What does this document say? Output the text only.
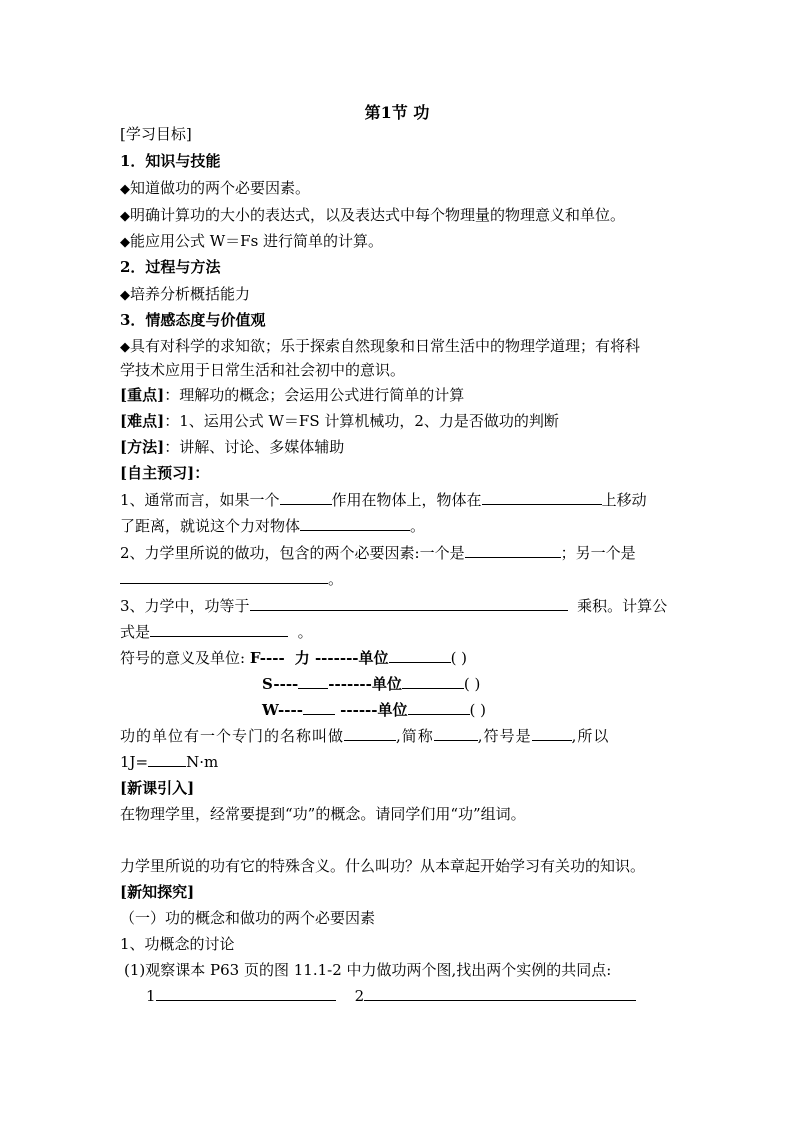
第1节 功
[学习目标]
1．知识与技能
◆知道做功的两个必要因素。
◆明确计算功的大小的表达式，以及表达式中每个物理量的物理意义和单位。
◆能应用公式 W＝Fs 进行简单的计算。
2．过程与方法
◆培养分析概括能力
3．情感态度与价值观
◆具有对科学的求知欲；乐于探索自然现象和日常生活中的物理学道理；有将科
学技术应用于日常生活和社会初中的意识。
[重点]：理解功的概念；会运用公式进行简单的计算
[难点]：1、运用公式 W＝FS 计算机械功，2、力是否做功的判断
[方法]：讲解、讨论、多媒体辅助
[自主预习]：
1、通常而言，如果一个	作用在物体上，物体在	上移动
了距离，就说这个力对物体	。
2、力学里所说的做功，包含的两个必要因素:一个是	；另一个是
。
3、力学中，功等于	乘积。计算公
式是	。
符号的意义及单位: F----  力 -------单位	( )
S---- -------单位	( )
W---- ------单位	( )
功的单位有一个专门的名称叫做	,简称	,符号是	,所以
1J=	N·m
[新课引入]
在物理学里，经常要提到“功”的概念。请同学们用“功”组词。
力学里所说的功有它的特殊含义。什么叫功？从本章起开始学习有关功的知识。
[新知探究]
（一）功的概念和做功的两个必要因素
1、功概念的讨论
(1)观察课本 P63 页的图 11.1-2 中力做功两个图,找出两个实例的共同点:
1	2
